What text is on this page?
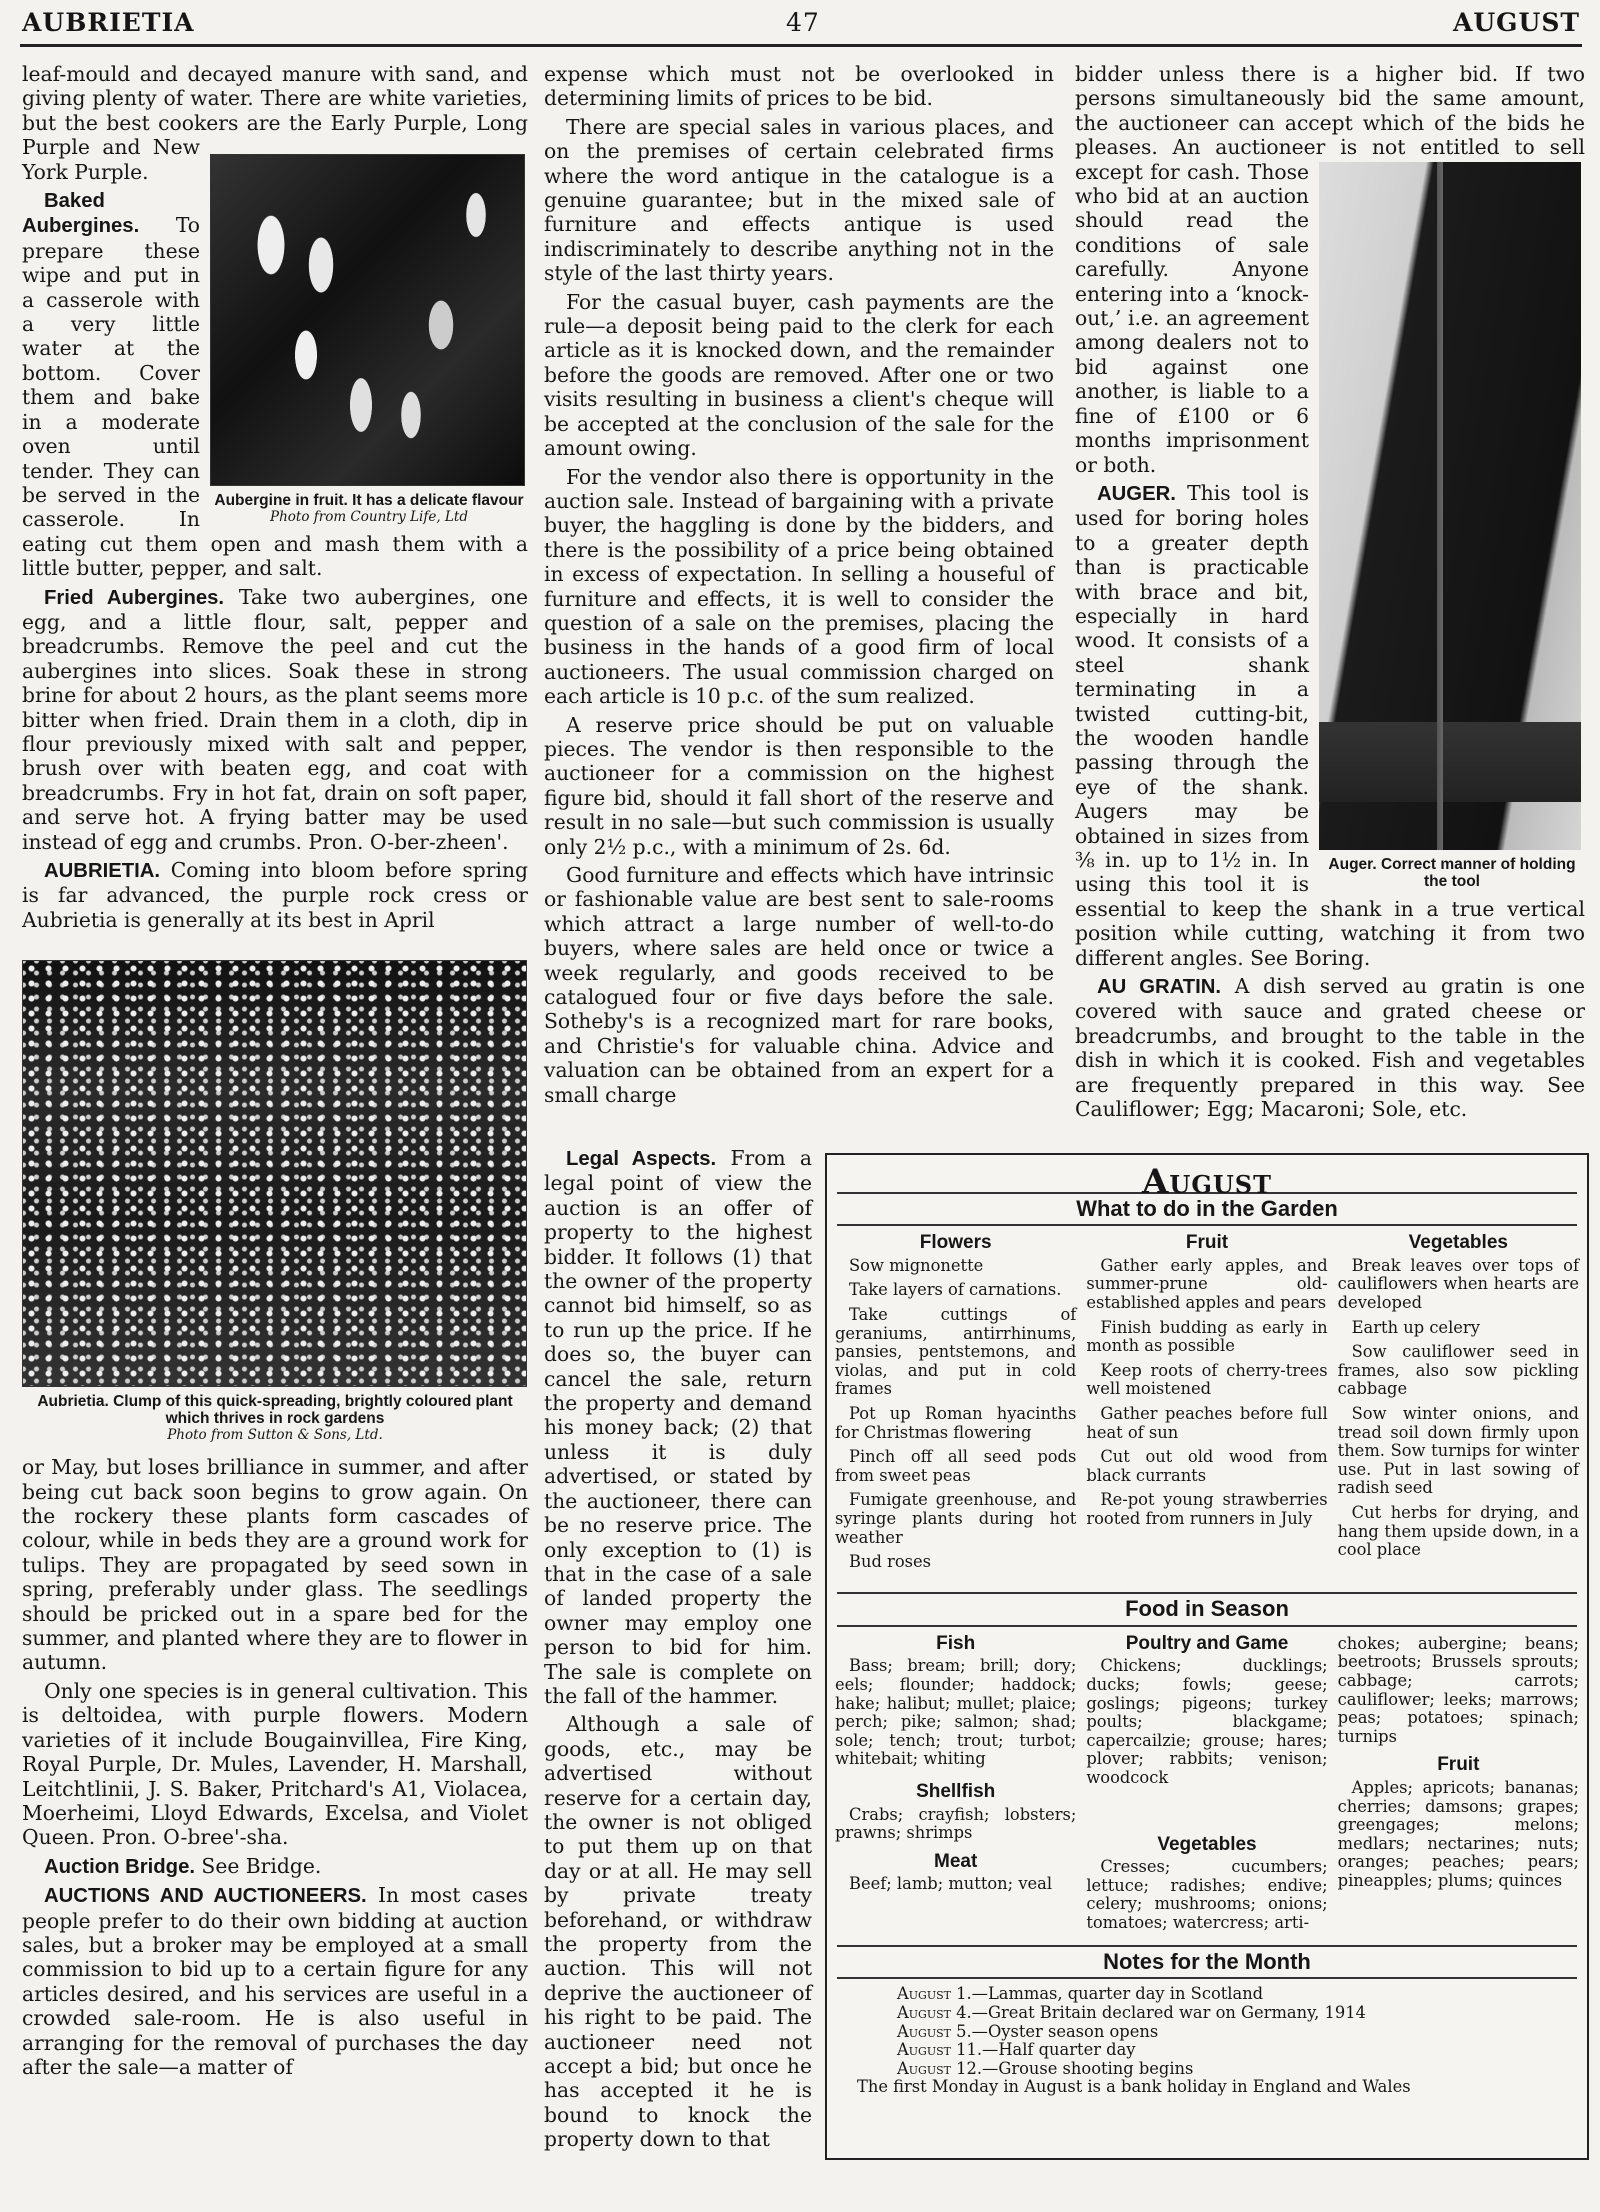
AUBRIETIA	47	AUGUST
Aubergine in fruit. It has a delicate flavour
Photo from Country Life, Ltd

leaf-mould and decayed manure with sand, and giving plenty of water. There are white varieties, but the best cookers are the Early Purple, Long Purple and New York Purple.

Baked Aubergines. To prepare these wipe and put in a casserole with a very little water at the bottom. Cover them and bake in a moderate oven until tender. They can be served in the casserole. In eating cut them open and mash them with a little butter, pepper, and salt.

Fried Aubergines. Take two aubergines, one egg, and a little flour, salt, pepper and breadcrumbs. Remove the peel and cut the aubergines into slices. Soak these in strong brine for about 2 hours, as the plant seems more bitter when fried. Drain them in a cloth, dip in flour previously mixed with salt and pepper, brush over with beaten egg, and coat with breadcrumbs. Fry in hot fat, drain on soft paper, and serve hot. A frying batter may be used instead of egg and crumbs. Pron. O-ber-zheen'.

AUBRIETIA. Coming into bloom before spring is far advanced, the purple rock cress or Aubrietia is generally at its best in April

Aubrietia. Clump of this quick-spreading, brightly coloured plant which thrives in rock gardens
Photo from Sutton & Sons, Ltd.

or May, but loses brilliance in summer, and after being cut back soon begins to grow again. On the rockery these plants form cascades of colour, while in beds they are a ground work for tulips. They are propagated by seed sown in spring, preferably under glass. The seedlings should be pricked out in a spare bed for the summer, and planted where they are to flower in autumn.

Only one species is in general cultivation. This is deltoidea, with purple flowers. Modern varieties of it include Bougainvillea, Fire King, Royal Purple, Dr. Mules, Lavender, H. Marshall, Leitchtlinii, J. S. Baker, Pritchard's A1, Violacea, Moerheimi, Lloyd Edwards, Excelsa, and Violet Queen. Pron. O-bree'-sha.

Auction Bridge. See Bridge.

AUCTIONS AND AUCTIONEERS. In most cases people prefer to do their own bidding at auction sales, but a broker may be employed at a small commission to bid up to a certain figure for any articles desired, and his services are useful in a crowded sale-room. He is also useful in arranging for the removal of purchases the day after the sale—a matter of

expense which must not be overlooked in determining limits of prices to be bid.

There are special sales in various places, and on the premises of certain celebrated firms where the word antique in the catalogue is a genuine guarantee; but in the mixed sale of furniture and effects antique is used indiscriminately to describe anything not in the style of the last thirty years.

For the casual buyer, cash payments are the rule—a deposit being paid to the clerk for each article as it is knocked down, and the remainder before the goods are removed. After one or two visits resulting in business a client's cheque will be accepted at the conclusion of the sale for the amount owing.

For the vendor also there is opportunity in the auction sale. Instead of bargaining with a private buyer, the haggling is done by the bidders, and there is the possibility of a price being obtained in excess of expectation. In selling a houseful of furniture and effects, it is well to consider the question of a sale on the premises, placing the business in the hands of a good firm of local auctioneers. The usual commission charged on each article is 10 p.c. of the sum realized.

A reserve price should be put on valuable pieces. The vendor is then responsible to the auctioneer for a commission on the highest figure bid, should it fall short of the reserve and result in no sale—but such commission is usually only 2½ p.c., with a minimum of 2s. 6d.

Good furniture and effects which have intrinsic or fashionable value are best sent to sale-rooms which attract a large number of well-to-do buyers, where sales are held once or twice a week regularly, and goods received to be catalogued four or five days before the sale. Sotheby's is a recognized mart for rare books, and Christie's for valuable china. Advice and valuation can be obtained from an expert for a small charge

Legal Aspects. From a legal point of view the auction is an offer of property to the highest bidder. It follows (1) that the owner of the property cannot bid himself, so as to run up the price. If he does so, the buyer can cancel the sale, return the property and demand his money back; (2) that unless it is duly advertised, or stated by the auctioneer, there can be no reserve price. The only exception to (1) is that in the case of a sale of landed property the owner may employ one person to bid for him. The sale is complete on the fall of the hammer.

Although a sale of goods, etc., may be advertised without reserve for a certain day, the owner is not obliged to put them up on that day or at all. He may sell by private treaty beforehand, or withdraw the property from the auction. This will not deprive the auctioneer of his right to be paid. The auctioneer need not accept a bid; but once he has accepted it he is bound to knock the property down to that

Auger. Correct manner of holding the tool

bidder unless there is a higher bid. If two persons simultaneously bid the same amount, the auctioneer can accept which of the bids he pleases. An auctioneer is not entitled to sell except for cash. Those who bid at an auction should read the conditions of sale carefully. Anyone entering into a ‘knock-out,’ i.e. an agreement among dealers not to bid against one another, is liable to a fine of £100 or 6 months imprisonment or both.

AUGER. This tool is used for boring holes to a greater depth than is practicable with brace and bit, especially in hard wood. It consists of a steel shank terminating in a twisted cutting-bit, the wooden handle passing through the eye of the shank. Augers may be obtained in sizes from ⅜ in. up to 1½ in. In using this tool it is essential to keep the shank in a true vertical position while cutting, watching it from two different angles. See Boring.

AU GRATIN. A dish served au gratin is one covered with sauce and grated cheese or breadcrumbs, and brought to the table in the dish in which it is cooked. Fish and vegetables are frequently prepared in this way. See Cauliflower; Egg; Macaroni; Sole, etc.

August
What to do in the Garden
Flowers

Sow mignonette

Take layers of carnations.

Take cuttings of geraniums, antirrhinums, pansies, pentstemons, and violas, and put in cold frames

Pot up Roman hyacinths for Christmas flowering

Pinch off all seed pods from sweet peas

Fumigate greenhouse, and syringe plants during hot weather

Bud roses

Fruit

Gather early apples, and summer-prune old-established apples and pears

Finish budding as early in month as possible

Keep roots of cherry-trees well moistened

Gather peaches before full heat of sun

Cut out old wood from black currants

Re-pot young strawberries rooted from runners in July

Vegetables

Break leaves over tops of cauliflowers when hearts are developed

Earth up celery

Sow cauliflower seed in frames, also sow pickling cabbage

Sow winter onions, and tread soil down firmly upon them. Sow turnips for winter use. Put in last sowing of radish seed

Cut herbs for drying, and hang them upside down, in a cool place

Food in Season
Fish

Bass; bream; brill; dory; eels; flounder; haddock; hake; halibut; mullet; plaice; perch; pike; salmon; shad; sole; tench; trout; turbot; whitebait; whiting

Shellfish

Crabs; crayfish; lobsters; prawns; shrimps

Meat

Beef; lamb; mutton; veal

Poultry and Game

Chickens; ducklings; ducks; fowls; geese; goslings; pigeons; turkey poults; blackgame; capercailzie; grouse; hares; plover; rabbits; venison; woodcock

Vegetables

Cresses; cucumbers; lettuce; radishes; endive; celery; mushrooms; onions; tomatoes; watercress; arti-

chokes; aubergine; beans; beetroots; Brussels sprouts; cabbage; carrots; cauliflower; leeks; marrows; peas; potatoes; spinach; turnips

Fruit

Apples; apricots; bananas; cherries; damsons; grapes; greengages; melons; medlars; nectarines; nuts; oranges; peaches; pears; pineapples; plums; quinces

Notes for the Month
August 1.—Lammas, quarter day in Scotland
August 4.—Great Britain declared war on Germany, 1914
August 5.—Oyster season opens
August 11.—Half quarter day
August 12.—Grouse shooting begins
The first Monday in August is a bank holiday in England and Wales
